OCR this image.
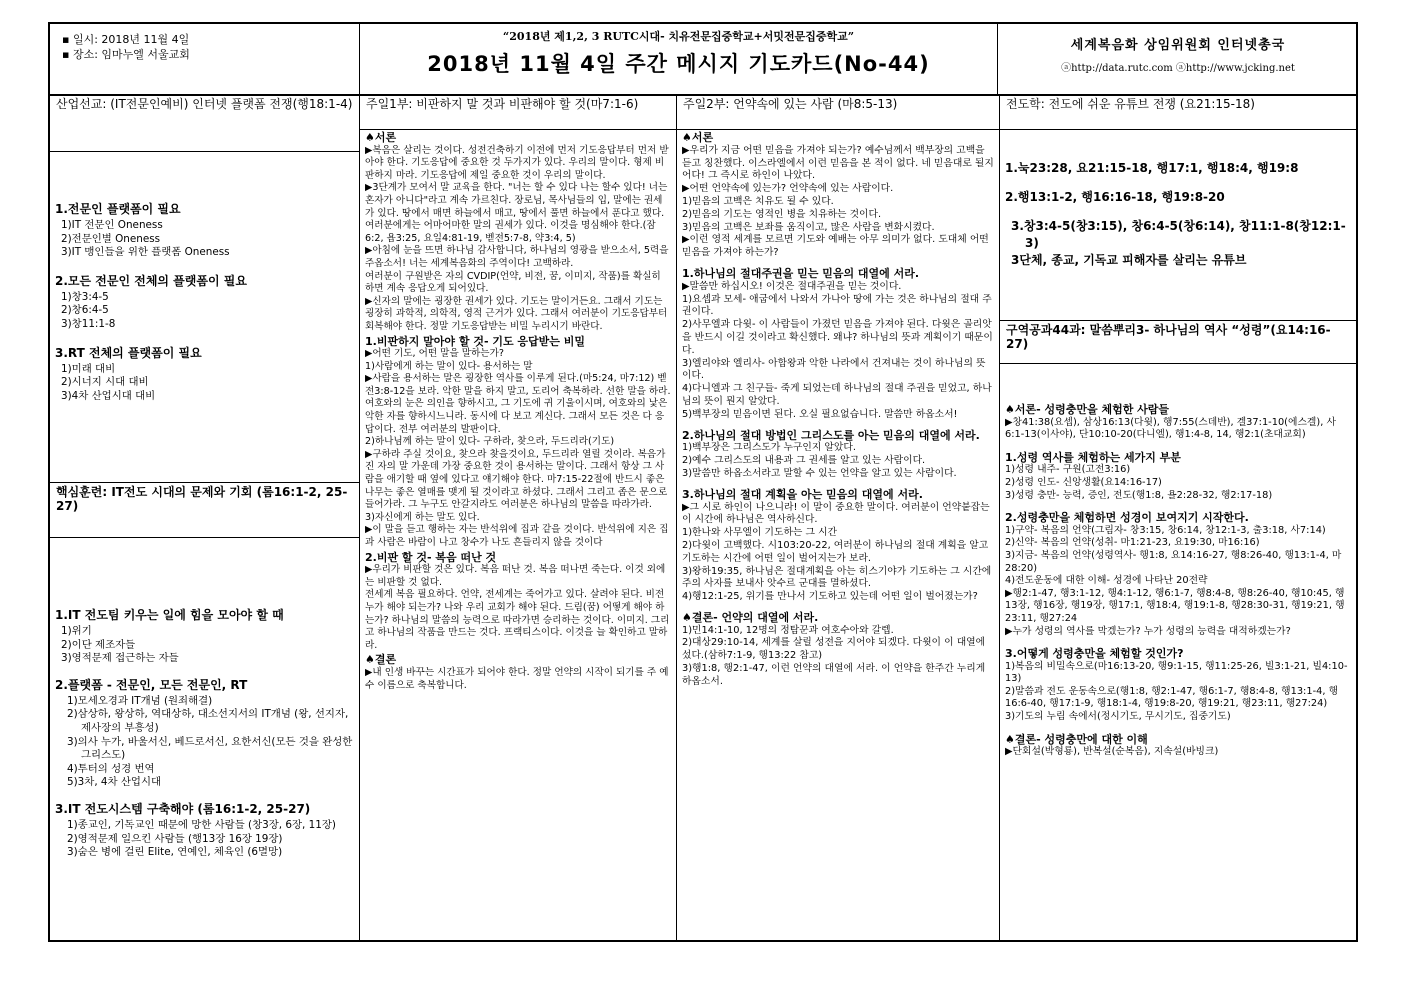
▪ 일시: 2018년 11월 4일
▪ 장소: 임마누엘 서울교회
“2018년 제1,2, 3 RUTC시대- 치유전문집중학교+서밋전문집중학교”
2018년 11월 4일 주간 메시지 기도카드(No-44)
세계복음화 상임위원회 인터넷총국
ⓐhttp://data.rutc.com ⓐhttp://www.jcking.net
산업선교: (IT전문인예비) 인터넷 플랫폼 전쟁(행18:1-4)
1.전문인 플랫폼이 필요

1)IT 전문인 Oneness

2)전문인별 Oneness

3)IT 맹인들을 위한 플랫폼 Oneness

2.모든 전문인 전체의 플랫폼이 필요

1)창3:4-5

2)창6:4-5

3)창11:1-8

3.RT 전체의 플랫폼이 필요

1)미래 대비

2)시너지 시대 대비

3)4차 산업시대 대비

핵심훈련: IT전도 시대의 문제와 기회 (롬16:1-2, 25-27)
1.IT 전도팀 키우는 일에 힘을 모아야 할 때

1)위기

2)이단 제조자들

3)영적문제 접근하는 자들

2.플랫폼 - 전문인, 모든 전문인, RT

1)모세오경과 IT개념 (원죄해결)

2)삼상하, 왕상하, 역대상하, 대소선지서의 IT개념 (왕, 선지자, 제사장의 부흥성)

3)의사 누가, 바울서신, 베드로서신, 요한서신(모든 것을 완성한 그리스도)

4)투터의 성경 번역

5)3차, 4차 산업시대

3.IT 전도시스템 구축해야 (롬16:1-2, 25-27)

1)종교인, 기독교인 때문에 망한 사람들 (창3장, 6장, 11장)

2)영적문제 일으킨 사람들 (행13장 16장 19장)

3)숨은 병에 걸린 Elite, 연예인, 체육인 (6멸망)

주일1부: 비판하지 말 것과 비판해야 할 것(마7:1-6)

♠서론

▶복음은 살리는 것이다. 성전건축하기 이전에 먼저 기도응답부터 먼저 받아야 한다. 기도응답에 중요한 것 두가지가 있다. 우리의 말이다. 형제 비판하지 마라. 기도응답에 제일 중요한 것이 우리의 말이다.

▶3단계가 모여서 말 교육을 한다. "너는 할 수 있다 나는 할수 있다! 너는 혼자가 아니다"라고 계속 가르친다. 장로님, 목사님들의 입, 말에는 권세가 있다. 땅에서 매면 하늘에서 매고, 땅에서 풀면 하늘에서 푼다고 했다. 여러분에게는 어마어마한 말의 권세가 있다. 이것을 명심해야 한다.(잠6:2, 욥3:25, 요일4:81-19, 벧전5:7-8, 약3:4, 5)

▶아침에 눈을 뜨면 하나님 감사합니다, 하나님의 영광을 받으소서, 5력을 주옵소서! 너는 세계복음화의 주역이다! 고백하라.

여러분이 구원받은 자의 CVDIP(언약, 비전, 꿈, 이미지, 작품)를 확실히 하면 계속 응답오게 되어있다.

▶신자의 말에는 굉장한 권세가 있다. 기도는 말이거든요. 그래서 기도는 굉장히 과학적, 의학적, 영적 근거가 있다. 그래서 여러분이 기도응답부터 회복해야 한다. 정말 기도응답받는 비밀 누리시기 바란다.

1.비판하지 말아야 할 것- 기도 응답받는 비밀

▶어떤 기도, 어떤 말을 말하는가?

1)사람에게 하는 말이 있다- 용서하는 말

▶사람을 용서하는 말은 굉장한 역사를 이루게 된다.(마5:24, 마7:12) 벧전3:8-12을 보라. 악한 말을 하지 말고, 도리어 축복하라. 선한 말을 하라. 여호와의 눈은 의인을 향하시고, 그 기도에 귀 기울이시며, 여호와의 낯은 악한 자를 향하시느니라. 동시에 다 보고 계신다. 그래서 모든 것은 다 응답이다. 전부 여러분의 발판이다.

2)하나님께 하는 말이 있다- 구하라, 찾으라, 두드리라(기도)

▶구하라 주실 것이요, 찾으라 찾을것이요, 두드리라 열릴 것이라. 복음가진 자의 말 가운데 가장 중요한 것이 용서하는 말이다. 그래서 항상 그 사람을 애기할 때 옆에 있다고 얘기해야 한다. 마7:15-22절에 반드시 좋은 나무는 좋은 열매를 맺게 될 것이라고 하셨다. 그래서 그리고 좁은 문으로 들어가라. 그 누구도 안갈지라도 여러분은 하나님의 말씀을 따라가라.

3)자신에게 하는 말도 있다.

▶이 말을 듣고 행하는 자는 반석위에 집과 같을 것이다. 반석위에 지은 집과 사람은 바람이 나고 창수가 나도 흔들리지 않을 것이다

2.비판 할 것- 복음 떠난 것

▶우리가 비판할 것은 있다. 복음 떠난 것. 복음 떠나면 죽는다. 이것 외에는 비판할 것 없다.

전세계 복음 필요하다. 언약, 전세계는 죽어가고 있다. 살려야 된다. 비전 누가 해야 되는가? 나와 우리 교회가 해야 된다. 드림(꿈) 어떻게 해야 하는가? 하나님의 말씀의 능력으로 따라가면 승리하는 것이다. 이미지. 그리고 하나님의 작품을 만드는 것다. 프랙티스이다. 이것을 늘 확인하고 말하라.

♠결론

▶내 인생 바꾸는 시간표가 되어야 한다. 정말 언약의 시작이 되기를 주 예수 이름으로 축복합니다.

주일2부: 언약속에 있는 사람 (마8:5-13)

♠서론

▶우리가 지금 어떤 믿음을 가져야 되는가? 예수님께서 백부장의 고백을 듣고 칭찬했다. 이스라엘에서 이런 믿음을 본 적이 없다. 네 믿음대로 될지어다! 그 즉시로 하인이 나았다.

▶어떤 언약속에 있는가? 언약속에 있는 사람이다.

1)믿음의 고백은 치유도 될 수 있다.

2)믿음의 기도는 영적인 병을 치유하는 것이다.

3)믿음의 고백은 보좌를 움직이고, 많은 사람을 변화시켰다.

▶이런 영적 세계를 모르면 기도와 예배는 아무 의미가 없다. 도대체 어떤 믿음을 가져야 하는가?

1.하나님의 절대주권을 믿는 믿음의 대열에 서라.

▶말씀만 하십시오! 이것은 절대주권을 믿는 것이다.

1)요셉과 모세- 애굽에서 나와서 가나아 땅에 가는 것은 하나님의 절대 주권이다.

2)사무엘과 다윗- 이 사람들이 가졌던 믿음을 가져야 된다. 다윗은 골리앗을 반드시 이길 것이라고 확신했다. 왜냐? 하나님의 뜻과 계획이기 때문이다.

3)엘리야와 엘리사- 아합왕과 악한 나라에서 건져내는 것이 하나님의 뜻이다.

4)다니엘과 그 친구들- 죽게 되었는데 하나님의 절대 주권을 믿었고, 하나님의 뜻이 뭔지 알았다.

5)백부장의 믿음이면 된다. 오실 필요없습니다. 말씀만 하옵소서!

2.하나님의 절대 방법인 그리스도를 아는 믿음의 대열에 서라.

1)백부장은 그리스도가 누구인지 알았다.

2)예수 그리스도의 내용과 그 권세를 알고 있는 사람이다.

3)말씀만 하옵소서라고 말할 수 있는 언약을 알고 있는 사람이다.

3.하나님의 절대 계획을 아는 믿음의 대열에 서라.

▶그 시로 하인이 나으니라! 이 말이 중요한 말이다. 여러분이 언약붙잡는 이 시간에 하나님은 역사하신다.

1)한나와 사무엘이 기도하는 그 시간

2)다윗이 고백했다. 시103:20-22, 여러분이 하나님의 절대 계획을 알고 기도하는 시간에 어떤 일이 벌어지는가 보라.

3)왕하19:35, 하나님은 절대계획을 아는 히스기야가 기도하는 그 시간에 주의 사자를 보내사 앗수르 군대를 멸하셨다.

4)행12:1-25, 위기를 만나서 기도하고 있는데 어떤 일이 벌어졌는가?

♠결론- 언약의 대열에 서라.

1)민14:1-10, 12명의 정탐꾼과 여호수아와 갈렙.

2)대상29:10-14, 세계를 살릴 성전을 지어야 되겠다. 다윗이 이 대열에 섰다.(삼하7:1-9, 행13:22 참고)

3)행1:8, 행2:1-47, 이런 언약의 대열에 서라. 이 언약을 한주간 누리게 하옵소서.

전도학: 전도에 쉬운 유튜브 전쟁 (요21:15-18)

1.눅23:28, 요21:15-18, 행17:1, 행18:4, 행19:8

2.행13:1-2, 행16:16-18, 행19:8-20

3.창3:4-5(창3:15), 창6:4-5(창6:14), 창11:1-8(창12:1-3)

3단체, 종교, 기독교 피해자를 살리는 유튜브

구역공과44과: 말씀뿌리3- 하나님의 역사 “성령”(요14:16-27)

♠서론- 성령충만을 체험한 사람들

▶창41:38(요셉), 삼상16:13(다윗), 행7:55(스데반), 겔37:1-10(에스겔), 사6:1-13(이사야), 단10:10-20(다니엘), 행1:4-8, 14, 행2:1(초대교회)

1.성령 역사를 체험하는 세가지 부분

1)성령 내주- 구원(고전3:16)

2)성령 인도- 신앙생활(요14:16-17)

3)성령 충만- 능력, 증인, 전도(행1:8, 욜2:28-32, 행2:17-18)

2.성령충만을 체험하면 성경이 보여지기 시작한다.

1)구약- 복음의 언약(그림자- 창3:15, 창6:14, 창12:1-3, 출3:18, 사7:14)

2)신약- 복음의 언약(성취- 마1:21-23, 요19:30, 마16:16)

3)지금- 복음의 언약(성령역사- 행1:8, 요14:16-27, 행8:26-40, 행13:1-4, 마28:20)

4)전도운동에 대한 이해- 성경에 나타난 20전략

▶행2:1-47, 행3:1-12, 행4:1-12, 행6:1-7, 행8:4-8, 행8:26-40, 행10:45, 행13장, 행16장, 행19장, 행17:1, 행18:4, 행19:1-8, 행28:30-31, 행19:21, 행23:11, 행27:24

▶누가 성령의 역사를 막겠는가? 누가 성령의 능력을 대적하겠는가?

3.어떻게 성령충만을 체험할 것인가?

1)복음의 비밀속으로(마16:13-20, 행9:1-15, 행11:25-26, 빌3:1-21, 빌4:10-13)

2)말씀과 전도 운동속으로(행1:8, 행2:1-47, 행6:1-7, 행8:4-8, 행13:1-4, 행16:6-40, 행17:1-9, 행18:1-4, 행19:8-20, 행19:21, 행23:11, 행27:24)

3)기도의 누림 속에서(정시기도, 무시기도, 집중기도)

♠결론- 성령충만에 대한 이해

▶단회설(박형룡), 반복설(순복음), 지속설(바빙크)
